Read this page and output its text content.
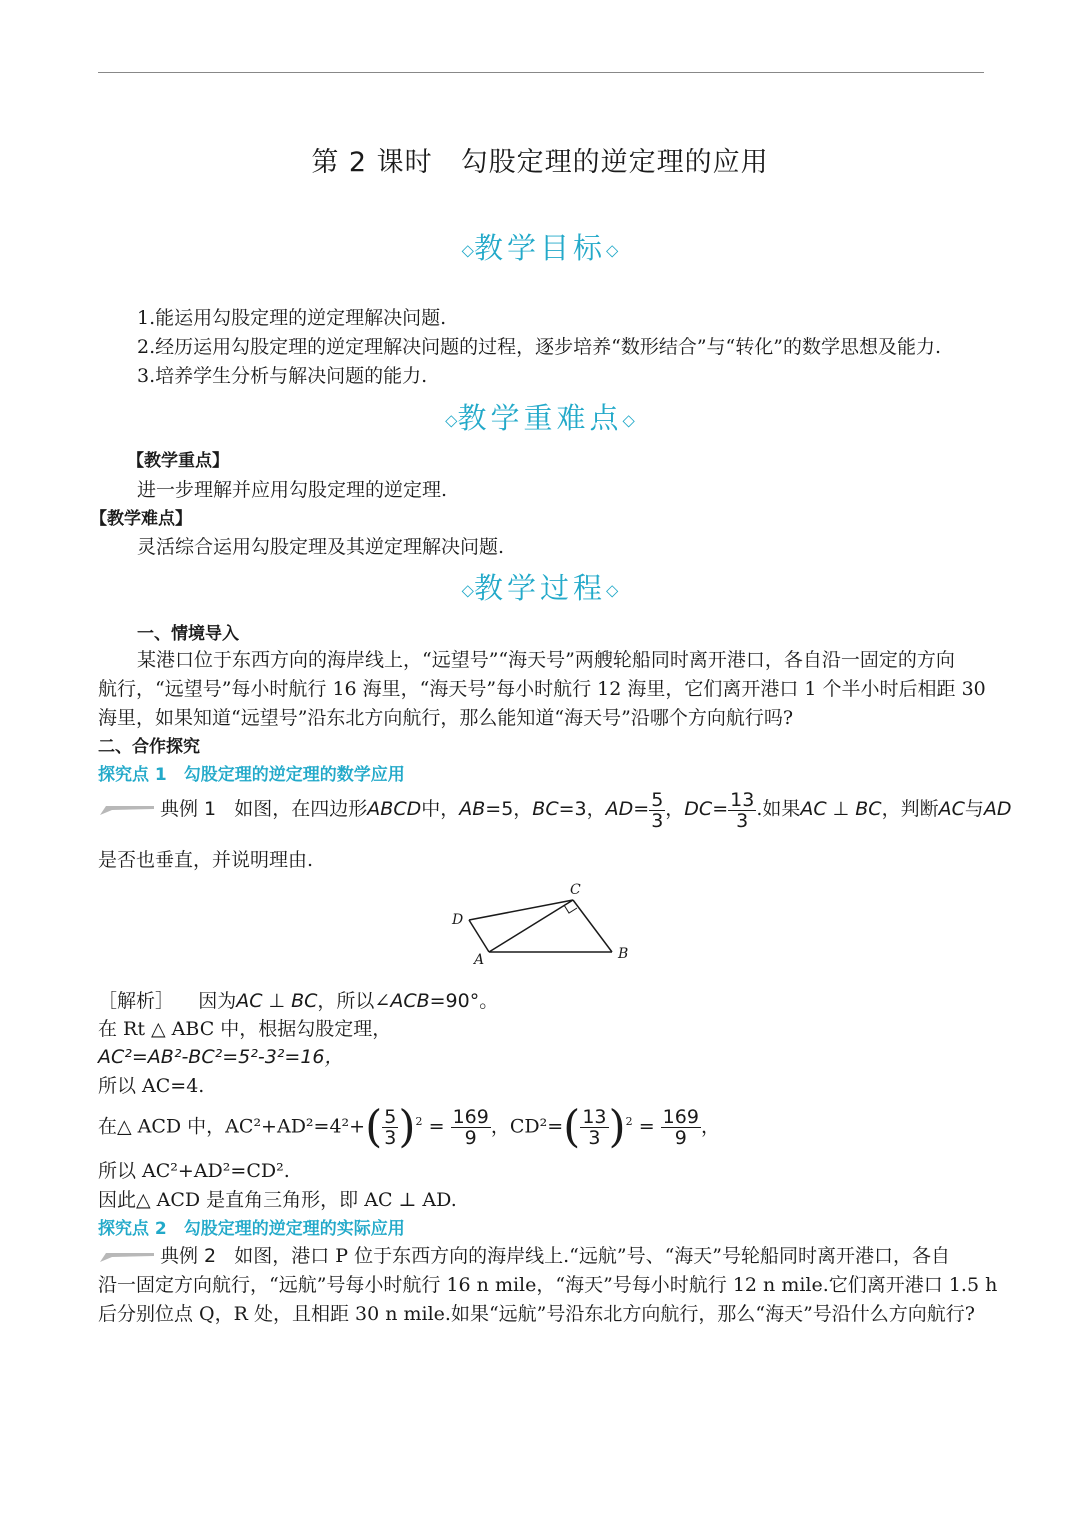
第 2 课时　勾股定理的逆定理的应用
◇教学目标◇
1.能运用勾股定理的逆定理解决问题.
2.经历运用勾股定理的逆定理解决问题的过程，逐步培养“数形结合”与“转化”的数学思想及能力.
3.培养学生分析与解决问题的能力.
◇教学重难点◇
【教学重点】
进一步理解并应用勾股定理的逆定理.
【教学难点】
灵活综合运用勾股定理及其逆定理解决问题.
◇教学过程◇
一、情境导入
某港口位于东西方向的海岸线上，“远望号”“海天号”两艘轮船同时离开港口，各自沿一固定的方向
航行，“远望号”每小时航行 16 海里，“海天号”每小时航行 12 海里，它们离开港口 1 个半小时后相距 30
海里，如果知道“远望号”沿东北方向航行，那么能知道“海天号”沿哪个方向航行吗?
二、合作探究
探究点 1　勾股定理的逆定理的数学应用
典例 1 如图，在四边形ABCD中，AB=5，BC=3，$AD= \frac{5}{3}$ ，$DC= \frac{13}{3}$ .如果AC ⊥ BC，判断AC与AD
是否也垂直，并说明理由.
D
A
C
B
［解析］ 因为AC ⊥ BC，所以∠ACB=90°。
在 Rt △ ABC 中，根据勾股定理，
AC²=AB²-BC²=5²-3²=16，
所以 AC=4.
在△ ACD 中，$AC^2+AD^2=4^2+( \frac{5}{3} )^2 = \frac{169}{9}$ ，$CD^2=( \frac{13}{3} )^2 = \frac{169}{9}$ ，
所以 AC²+AD²=CD².
因此△ ACD 是直角三角形，即 AC ⊥ AD.
探究点 2　勾股定理的逆定理的实际应用
典例 2 如图，港口 P 位于东西方向的海岸线上.“远航”号、“海天”号轮船同时离开港口，各自
沿一固定方向航行，“远航”号每小时航行 16 n mile，“海天”号每小时航行 12 n mile.它们离开港口 1.5 h
后分别位点 Q，R 处，且相距 30 n mile.如果“远航”号沿东北方向航行，那么“海天”号沿什么方向航行?
